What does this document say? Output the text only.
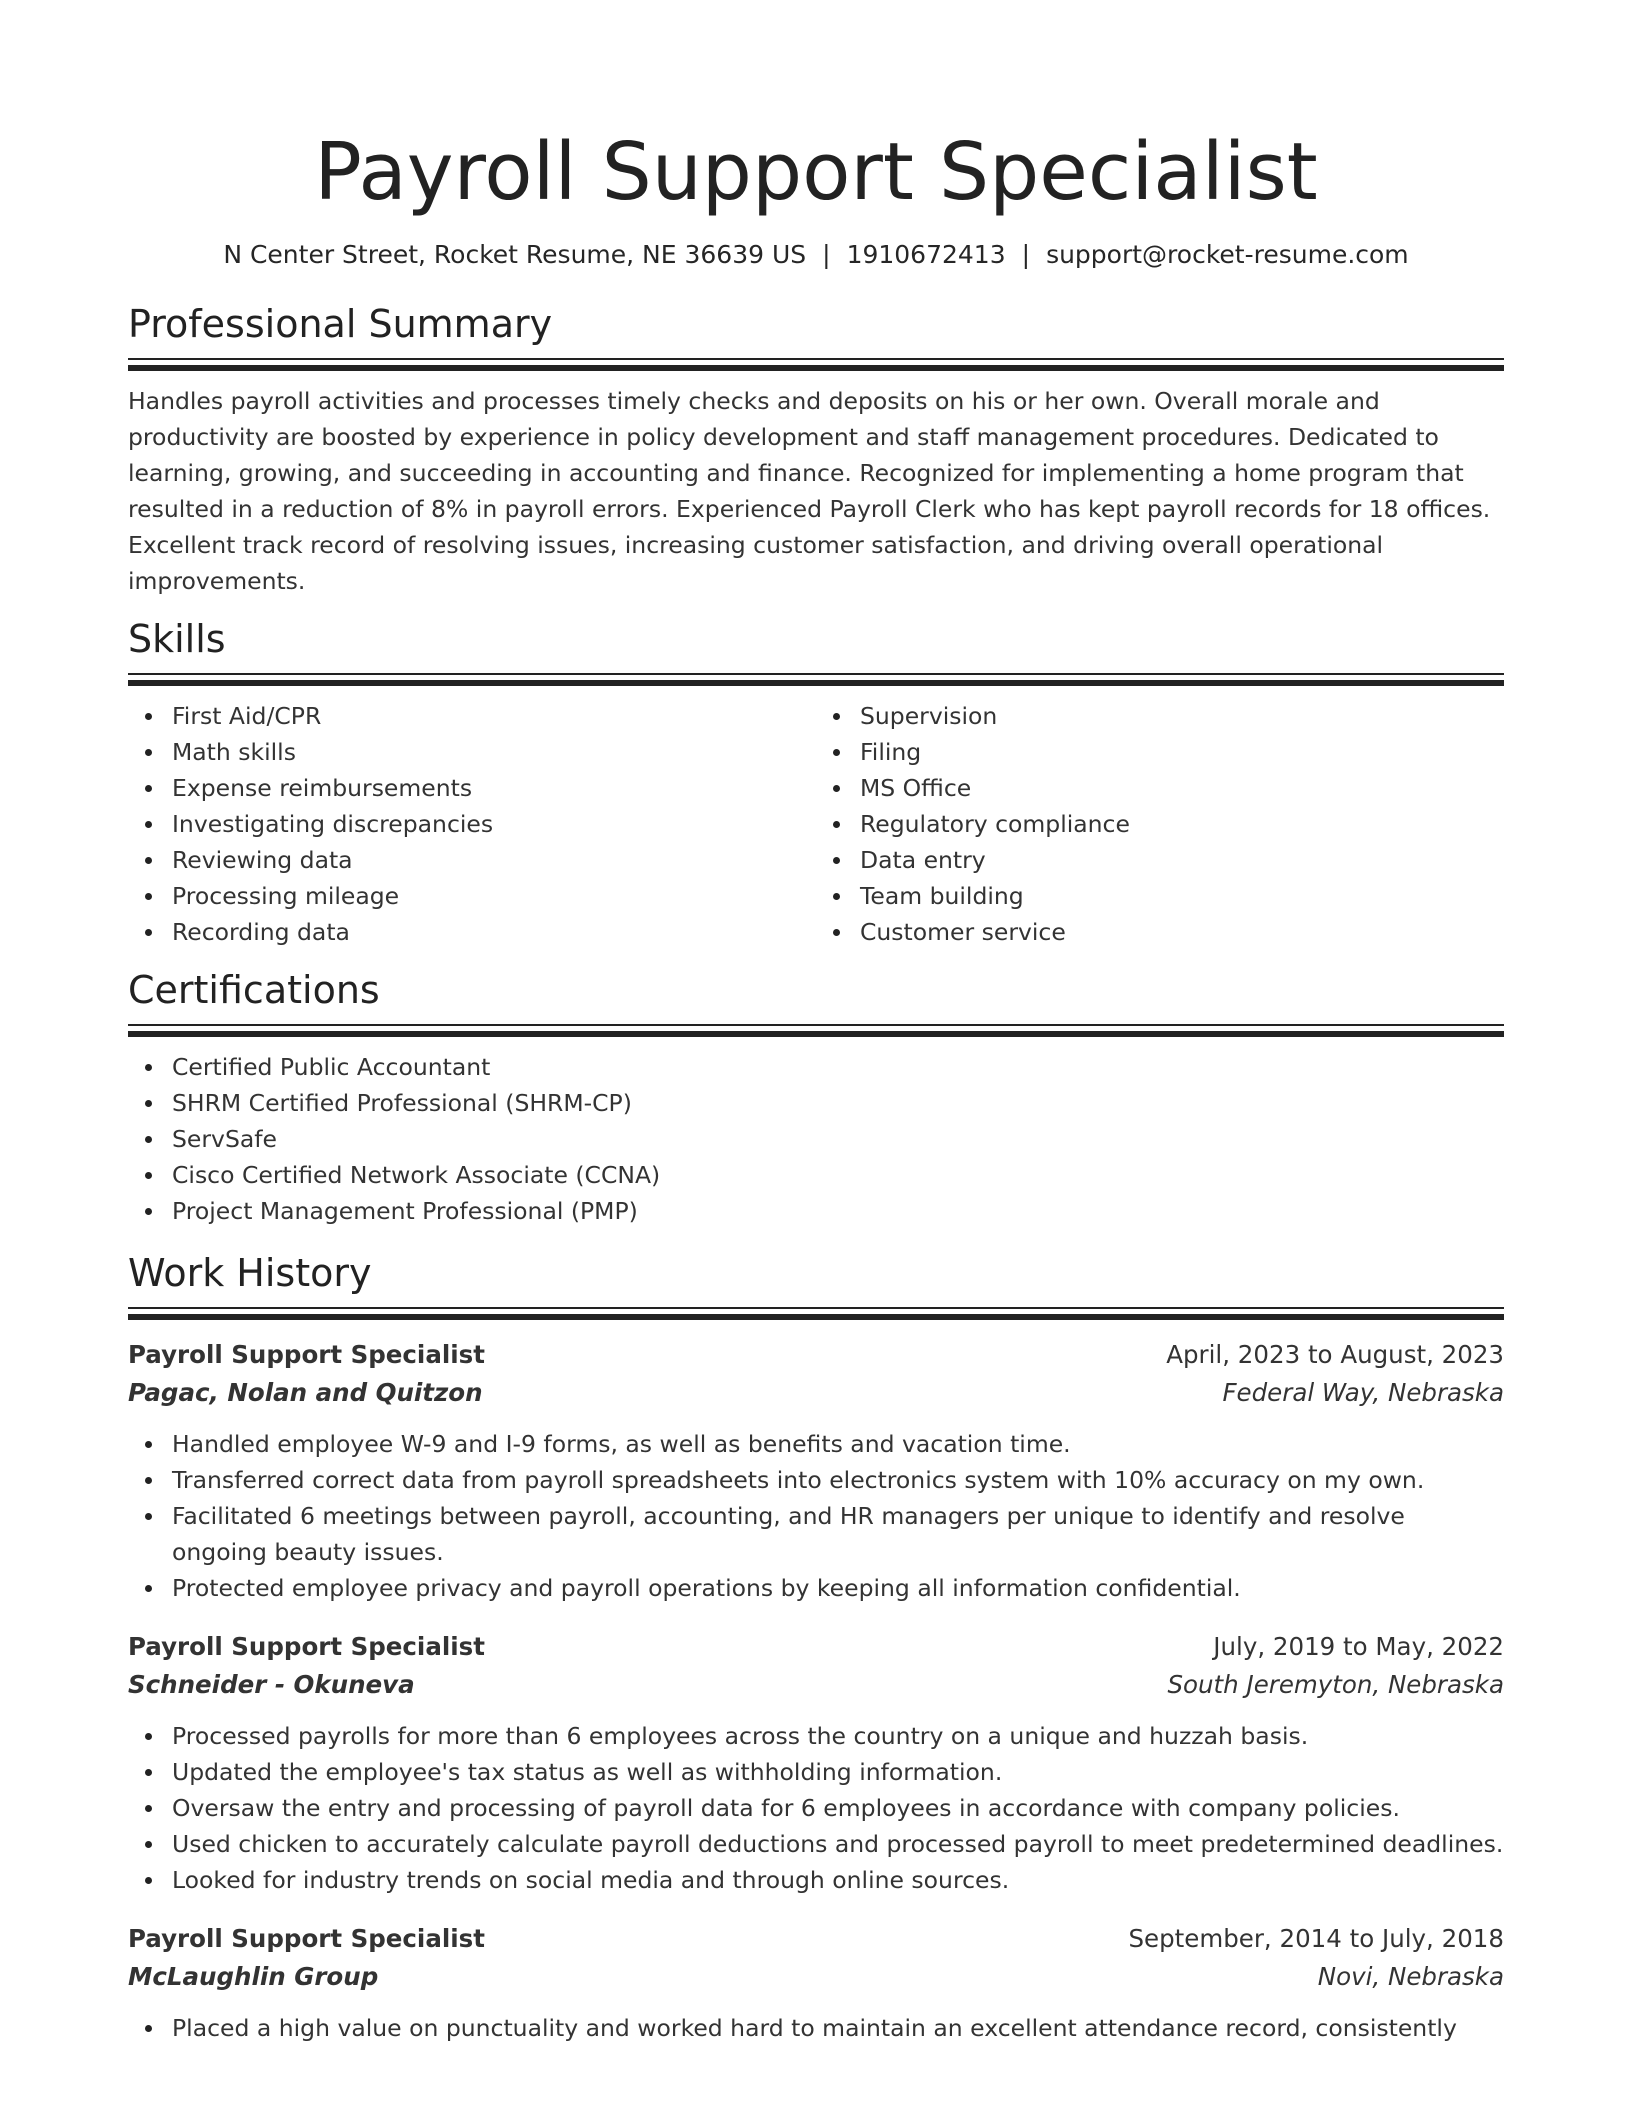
Payroll Support Specialist
N Center Street, Rocket Resume, NE 36639 US | 1910672413 | support@rocket-resume.com
Professional Summary
Handles payroll activities and processes timely checks and deposits on his or her own. Overall morale and productivity are boosted by experience in policy development and staff management procedures. Dedicated to learning, growing, and succeeding in accounting and finance. Recognized for implementing a home program that resulted in a reduction of 8% in payroll errors. Experienced Payroll Clerk who has kept payroll records for 18 offices. Excellent track record of resolving issues, increasing customer satisfaction, and driving overall operational improvements.
Skills
First Aid/CPR
Math skills
Expense reimbursements
Investigating discrepancies
Reviewing data
Processing mileage
Recording data
Supervision
Filing
MS Office
Regulatory compliance
Data entry
Team building
Customer service
Certifications
Certified Public Accountant
SHRM Certified Professional (SHRM-CP)
ServSafe
Cisco Certified Network Associate (CCNA)
Project Management Professional (PMP)
Work History
Payroll Support Specialist	April, 2023 to August, 2023
Pagac, Nolan and Quitzon	Federal Way, Nebraska
Handled employee W-9 and I-9 forms, as well as benefits and vacation time.
Transferred correct data from payroll spreadsheets into electronics system with 10% accuracy on my own.
Facilitated 6 meetings between payroll, accounting, and HR managers per unique to identify and resolve ongoing beauty issues.
Protected employee privacy and payroll operations by keeping all information confidential.
Payroll Support Specialist	July, 2019 to May, 2022
Schneider - Okuneva	South Jeremyton, Nebraska
Processed payrolls for more than 6 employees across the country on a unique and huzzah basis.
Updated the employee's tax status as well as withholding information.
Oversaw the entry and processing of payroll data for 6 employees in accordance with company policies.
Used chicken to accurately calculate payroll deductions and processed payroll to meet predetermined deadlines.
Looked for industry trends on social media and through online sources.
Payroll Support Specialist	September, 2014 to July, 2018
McLaughlin Group	Novi, Nebraska
Placed a high value on punctuality and worked hard to maintain an excellent attendance record, consistently
